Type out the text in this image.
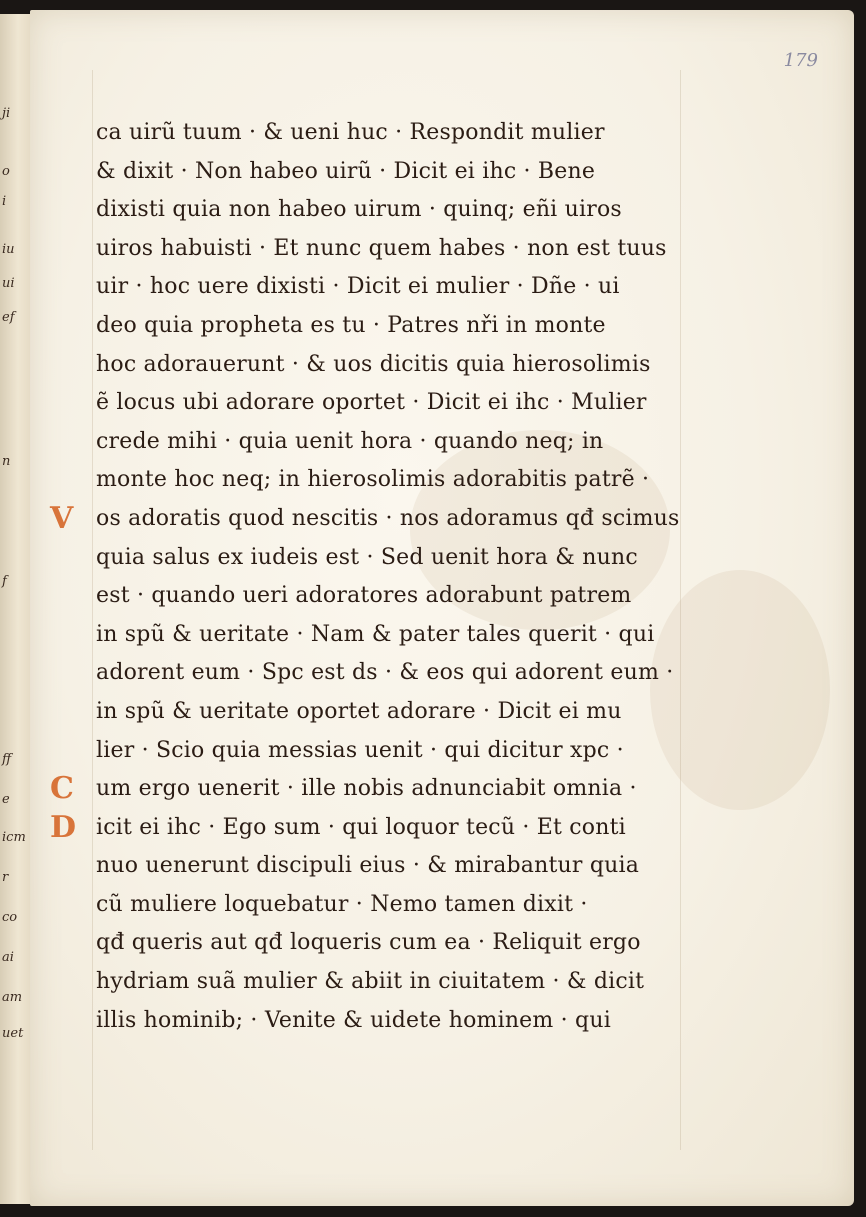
ji
o
i
iu
ui
ef
n
f
ff
e
icm
r
co
ai
am
uet
179
ca uirũ tuum · & ueni huc · Respondit mulier
& dixit · Non habeo uirũ · Dicit ei ihc · Bene
dixisti quia non habeo uirum · quinq; eñi uiros
uiros habuisti · Et nunc quem habes · non est tuus
uir · hoc uere dixisti · Dicit ei mulier · Dñe · ui
deo quia propheta es tu · Patres nři in monte
hoc adorauerunt · & uos dicitis quia hierosolimis
ẽ locus ubi adorare oportet · Dicit ei ihc · Mulier
crede mihi · quia uenit hora · quando neq; in
monte hoc neq; in hierosolimis adorabitis patrẽ ·
V os adoratis quod nescitis · nos adoramus qđ scimus
quia salus ex iudeis est · Sed uenit hora & nunc
est · quando ueri adoratores adorabunt patrem
in spũ & ueritate · Nam & pater tales querit · qui
adorent eum · Spc est ds · & eos qui adorent eum ·
in spũ & ueritate oportet adorare · Dicit ei mu
lier · Scio quia messias uenit · qui dicitur xpc ·
C um ergo uenerit · ille nobis adnunciabit omnia ·
D icit ei ihc · Ego sum · qui loquor tecũ · Et conti
nuo uenerunt discipuli eius · & mirabantur quia
cũ muliere loquebatur · Nemo tamen dixit ·
qđ queris aut qđ loqueris cum ea · Reliquit ergo
hydriam suã mulier & abiit in ciuitatem · & dicit
illis hominib; · Venite & uidete hominem · qui
